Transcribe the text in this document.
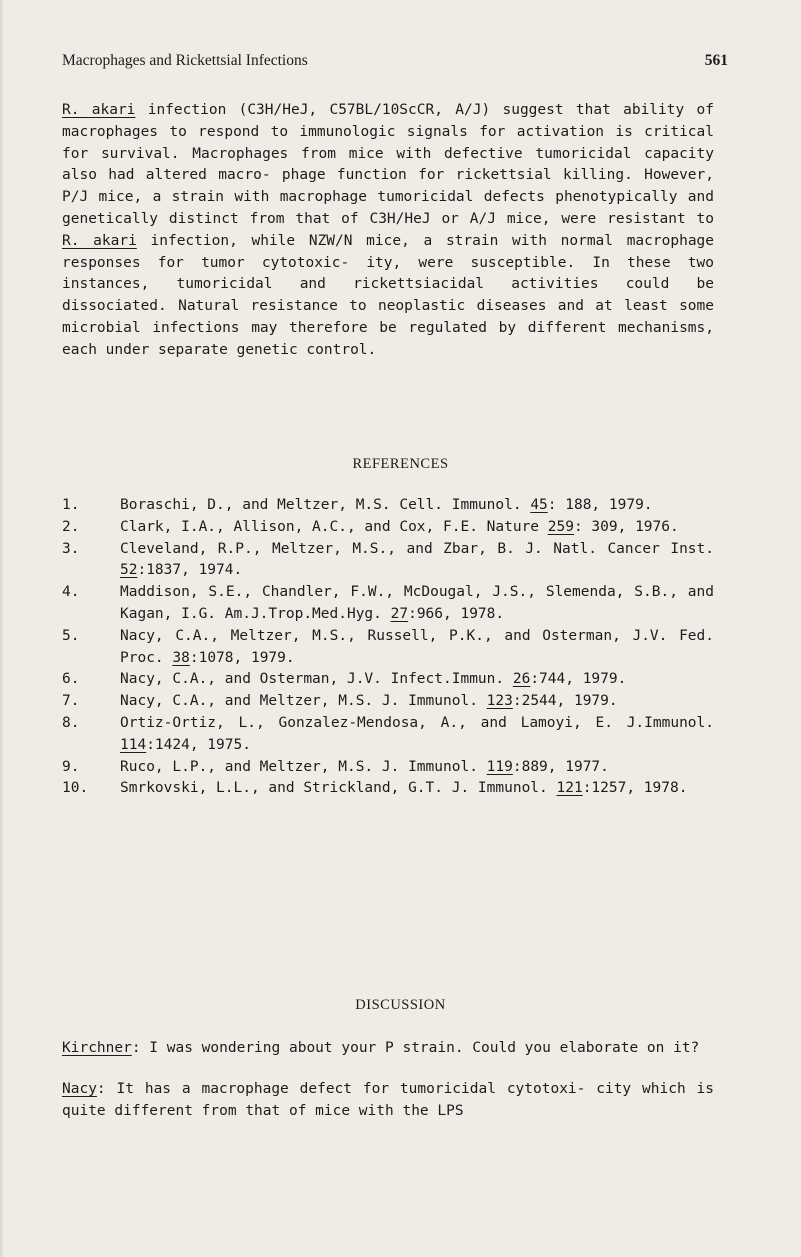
Macrophages and Rickettsial Infections	561

R. akari infection (C3H/HeJ, C57BL/10ScCR, A/J) suggest that ability of macrophages to respond to immunologic signals for activation is critical for survival. Macrophages from mice with defective tumoricidal capacity also had altered macro- phage function for rickettsial killing. However, P/J mice, a strain with macrophage tumoricidal defects phenotypically and genetically distinct from that of C3H/HeJ or A/J mice, were resistant to R. akari infection, while NZW/N mice, a strain with normal macrophage responses for tumor cytotoxic- ity, were susceptible. In these two instances, tumoricidal and rickettsiacidal activities could be dissociated. Natural resistance to neoplastic diseases and at least some microbial infections may therefore be regulated by different mechanisms, each under separate genetic control.

REFERENCES
1.	Boraschi, D., and Meltzer, M.S. Cell. Immunol. 45: 188, 1979.
2.	Clark, I.A., Allison, A.C., and Cox, F.E. Nature 259: 309, 1976.
3.	Cleveland, R.P., Meltzer, M.S., and Zbar, B. J. Natl. Cancer Inst. 52:1837, 1974.
4.	Maddison, S.E., Chandler, F.W., McDougal, J.S., Slemenda, S.B., and Kagan, I.G. Am.J.Trop.Med.Hyg. 27:966, 1978.
5.	Nacy, C.A., Meltzer, M.S., Russell, P.K., and Osterman, J.V. Fed. Proc. 38:1078, 1979.
6.	Nacy, C.A., and Osterman, J.V. Infect.Immun. 26:744, 1979.
7.	Nacy, C.A., and Meltzer, M.S. J. Immunol. 123:2544, 1979.
8.	Ortiz-Ortiz, L., Gonzalez-Mendosa, A., and Lamoyi, E. J.Immunol. 114:1424, 1975.
9.	Ruco, L.P., and Meltzer, M.S. J. Immunol. 119:889, 1977.
10.	Smrkovski, L.L., and Strickland, G.T. J. Immunol. 121:1257, 1978.
DISCUSSION

Kirchner: I was wondering about your P strain. Could you elaborate on it?

Nacy: It has a macrophage defect for tumoricidal cytotoxi- city which is quite different from that of mice with the LPS
